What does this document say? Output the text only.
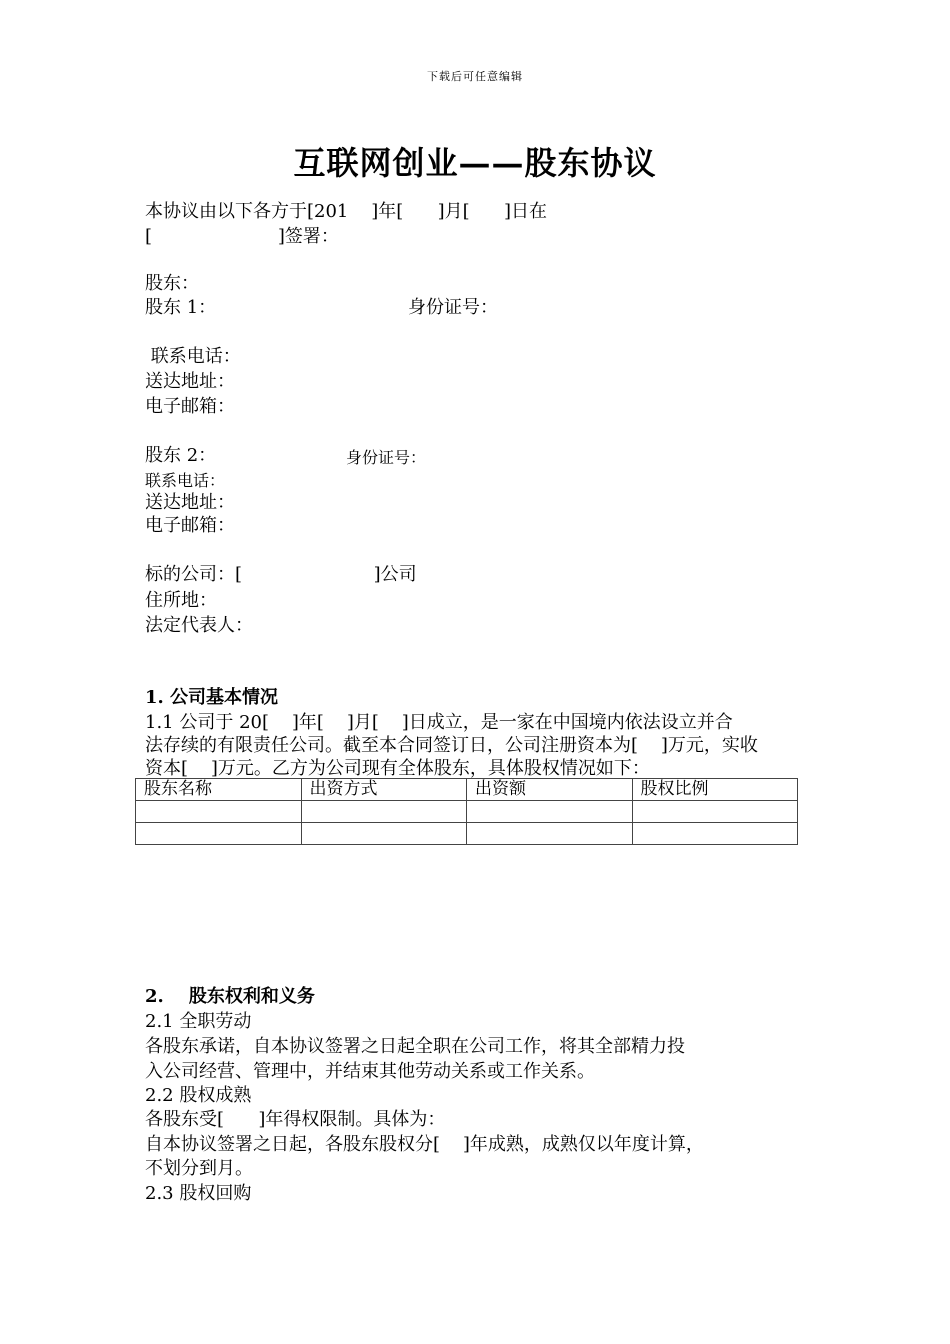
下载后可任意编辑
互联网创业——股东协议
本协议由以下各方于[201    ]年[      ]月[      ]日在
[                      ]签署：
股东：
股东 1：	身份证号：
联系电话：
送达地址：
电子邮箱：
股东 2：	身份证号：
联系电话：
送达地址：
电子邮箱：
标的公司：[                       ]公司
住所地：
法定代表人：
1. 公司基本情况
1.1 公司于 20[    ]年[    ]月[    ]日成立，是一家在中国境内依法设立并合
法存续的有限责任公司。截至本合同签订日，公司注册资本为[    ]万元，实收
资本[    ]万元。乙方为公司现有全体股东，具体股权情况如下：
股东名称	出资方式	出资额	股权比例

2.    股东权利和义务
2.1 全职劳动
各股东承诺，自本协议签署之日起全职在公司工作，将其全部精力投
入公司经营、管理中，并结束其他劳动关系或工作关系。
2.2 股权成熟
各股东受[      ]年得权限制。具体为：
自本协议签署之日起，各股东股权分[    ]年成熟，成熟仅以年度计算，
不划分到月。
2.3 股权回购
